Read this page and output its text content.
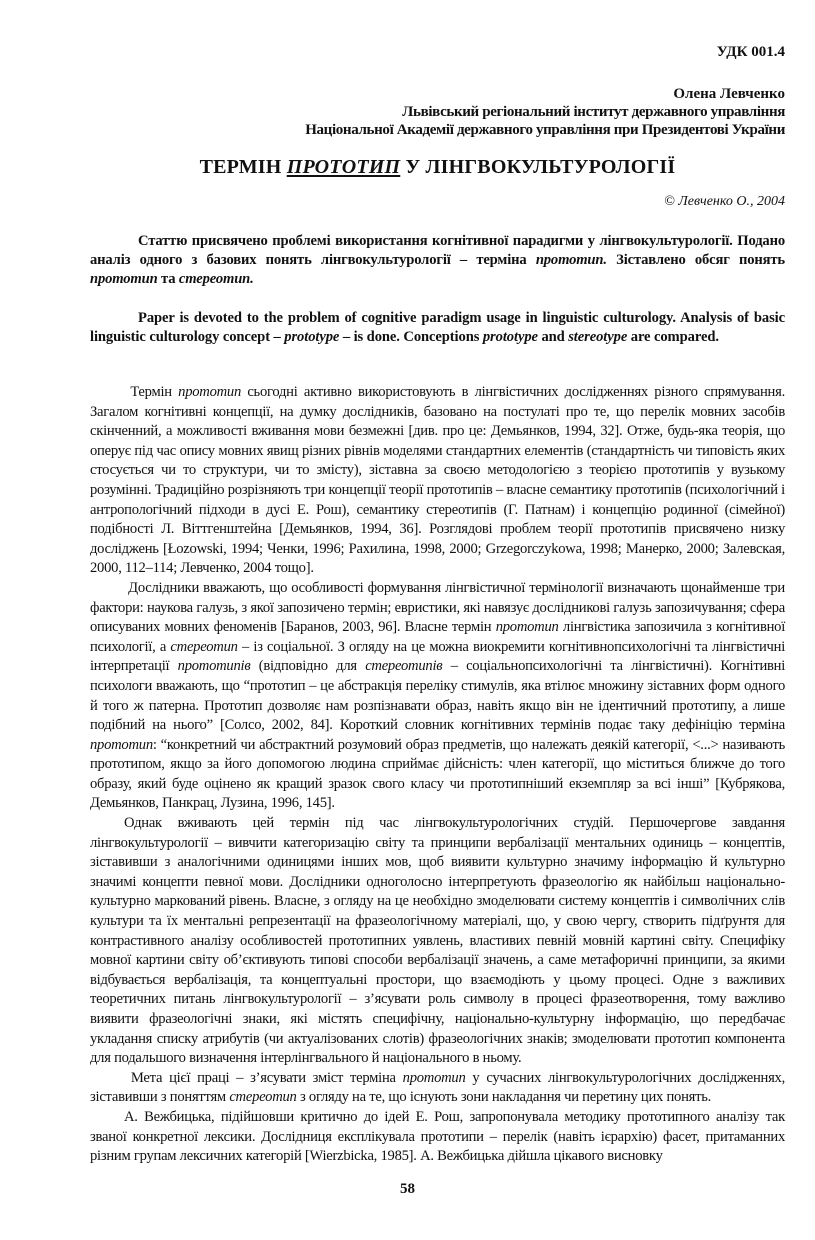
УДК 001.4
Олена Левченко
Львівський регіональний інститут державного управління
Національної Академії державного управління при Президентові України
ТЕРМІН ПРОТОТИП У ЛІНГВОКУЛЬТУРОЛОГІЇ
© Левченко О., 2004

Статтю присвячено проблемі використання когнітивної парадигми у лінгвокультурології. Подано аналіз одного з базових понять лінгвокультурології – терміна прототип. Зіставлено обсяг понять прототип та стереотип.

Paper is devoted to the problem of cognitive paradigm usage in linguistic culturology. Analysis of basic linguistic culturology concept – prototype – is done. Conceptions prototype and stereotype are compared.

Термін прототип сьогодні активно використовують в лінгвістичних дослідженнях різного спрямування. Загалом когнітивні концепції, на думку дослідників, базовано на постулаті про те, що перелік мовних засобів скінченний, а можливості вживання мови безмежні [див. про це: Демьянков, 1994, 32]. Отже, будь-яка теорія, що оперує під час опису мовних явищ різних рівнів моделями стандартних елементів (стандартність чи типовість яких стосується чи то структури, чи то змісту), зіставна за своєю методологією з теорією прототипів у вузькому розумінні. Традиційно розрізняють три концепції теорії прототипів – власне семантику прототипів (психологічний і антропологічний підходи в дусі Е. Рош), семантику стереотипів (Г. Патнам) і концепцію родинної (сімейної) подібності Л. Віттгенштейна [Демьянков, 1994, 36]. Розглядові проблем теорії прототипів присвячено низку досліджень [Łozowski, 1994; Ченки, 1996; Рахилина, 1998, 2000; Grzegorczykowa, 1998; Манерко, 2000; Залевская, 2000, 112–114; Левченко, 2004 тощо].

Дослідники вважають, що особливості формування лінгвістичної термінології визначають щонайменше три фактори: наукова галузь, з якої запозичено термін; евристики, які навязує дослідникові галузь запозичування; сфера описуваних мовних феноменів [Баранов, 2003, 96]. Власне термін прототип лінгвістика запозичила з когнітивної психології, а стереотип – із соціальної. З огляду на це можна виокремити когнітивнопсихологічні та лінгвістичні інтерпретації прототипів (відповідно для стереотипів – соціальнопсихологічні та лінгвістичні). Когнітивні психологи вважають, що “прототип – це абстракція переліку стимулів, яка втілює множину зіставних форм одного й того ж патерна. Прототип дозволяє нам розпізнавати образ, навіть якщо він не ідентичний прототипу, а лише подібний на нього” [Солсо, 2002, 84]. Короткий словник когнітивних термінів подає таку дефініцію терміна прототип: “конкретний чи абстрактний розумовий образ предметів, що належать деякій категорії, <...> називають прототипом, якщо за його допомогою людина сприймає дійсність: член категорії, що міститься ближче до того образу, який буде оцінено як кращий зразок свого класу чи прототипніший екземпляр за всі інші” [Кубрякова, Демьянков, Панкрац, Лузина, 1996, 145].

Однак вживають цей термін під час лінгвокультурологічних студій. Першочергове завдання лінгвокультурології – вивчити категоризацію світу та принципи вербалізації ментальних одиниць – концептів, зіставивши з аналогічними одиницями інших мов, щоб виявити культурно значиму інформацію й культурно значимі концепти певної мови. Дослідники одноголосно інтерпретують фразеологію як найбільш національно-культурно маркований рівень. Власне, з огляду на це необхідно змоделювати систему концептів і символічних слів культури та їх ментальні репрезентації на фразеологічному матеріалі, що, у свою чергу, створить підґрунтя для контрастивного аналізу особливостей прототипних уявлень, властивих певній мовній картині світу. Специфіку мовної картини світу об’єктивують типові способи вербалізації значень, а саме метафоричні принципи, за якими відбувається вербалізація, та концептуальні простори, що взаємодіють у цьому процесі. Одне з важливих теоретичних питань лінгвокультурології – з’ясувати роль символу в процесі фразеотворення, тому важливо виявити фразеологічні знаки, які містять специфічну, національно-культурну інформацію, що передбачає укладання списку атрибутів (чи актуалізованих слотів) фразеологічних знаків; змоделювати прототип компонента для подальшого визначення інтерлінгвального й національного в ньому.

Мета цієї праці – з’ясувати зміст терміна прототип у сучасних лінгвокультурологічних дослідженнях, зіставивши з поняттям стереотип з огляду на те, що існують зони накладання чи перетину цих понять.

А. Вежбицька, підійшовши критично до ідей Е. Рош, запропонувала методику прототипного аналізу так званої конкретної лексики. Дослідниця експлікувала прототипи – перелік (навіть ієрархію) фасет, притаманних різним групам лексичних категорій [Wierzbicka, 1985]. А. Вежбицька дійшла цікавого висновку

58
